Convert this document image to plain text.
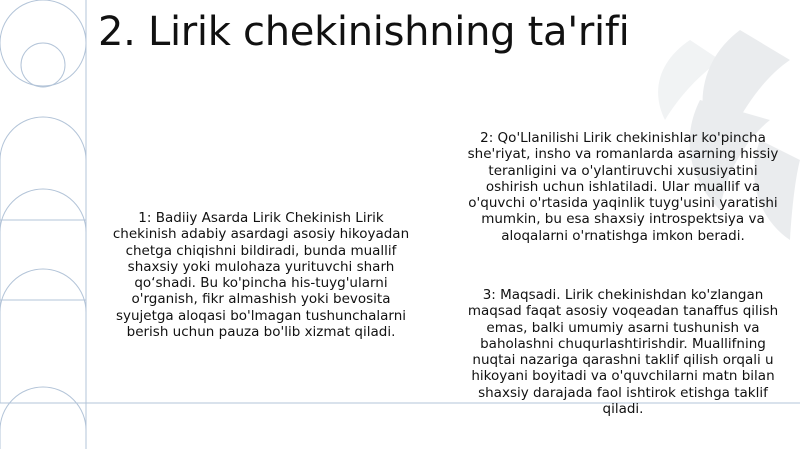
2. Lirik chekinishning ta'rifi
1: Badiiy Asarda Lirik Chekinish Lirik chekinish adabiy asardagi asosiy hikoyadan chetga chiqishni bildiradi, bunda muallif shaxsiy yoki mulohaza yurituvchi sharh qo‘shadi. Bu ko'pincha his-tuyg'ularni o'rganish, fikr almashish yoki bevosita syujetga aloqasi bo'lmagan tushunchalarni berish uchun pauza bo'lib xizmat qiladi.
2: Qo'Llanilishi Lirik chekinishlar ko'pincha she'riyat, insho va romanlarda asarning hissiy teranligini va o'ylantiruvchi xususiyatini oshirish uchun ishlatiladi. Ular muallif va o'quvchi o'rtasida yaqinlik tuyg'usini yaratishi mumkin, bu esa shaxsiy introspektsiya va aloqalarni o'rnatishga imkon beradi.
3: Maqsadi. Lirik chekinishdan ko'zlangan maqsad faqat asosiy voqeadan tanaffus qilish emas, balki umumiy asarni tushunish va baholashni chuqurlashtirishdir. Muallifning nuqtai nazariga qarashni taklif qilish orqali u hikoyani boyitadi va o'quvchilarni matn bilan shaxsiy darajada faol ishtirok etishga taklif qiladi.
